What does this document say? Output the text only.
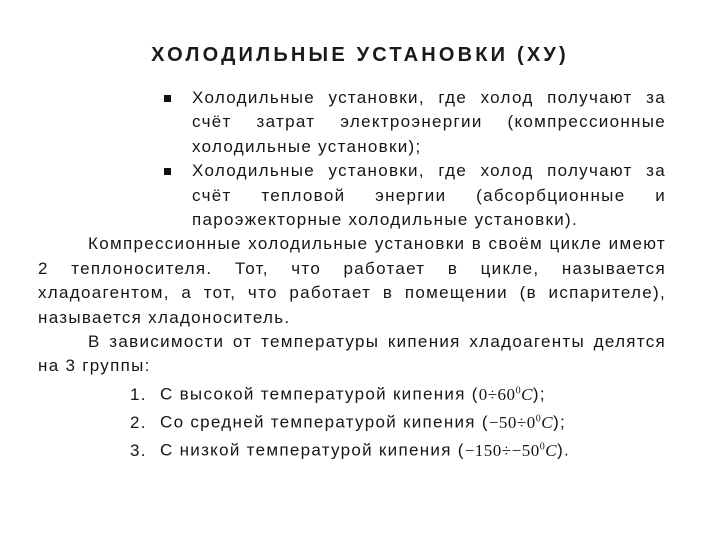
ХОЛОДИЛЬНЫЕ УСТАНОВКИ (ХУ)
Холодильные установки, где холод получают за счёт затрат электроэнергии (компрессионные холодильные установки);
Холодильные установки, где холод получают за счёт тепловой энергии (абсорбционные и пароэжекторные холодильные установки).

Компрессионные холодильные установки в своём цикле имеют 2 теплоносителя. Тот, что работает в цикле, называется хладоагентом, а тот, что работает в помещении (в испарителе), называется хладоноситель.

В зависимости от температуры кипения хладоагенты делятся на 3 группы:

1. С высокой температурой кипения $(0\div 60^0C)$;
2. Со средней температурой кипения $(-50\div 0^0C)$;
3. С низкой температурой кипения $(-150\div-50^0C)$.
